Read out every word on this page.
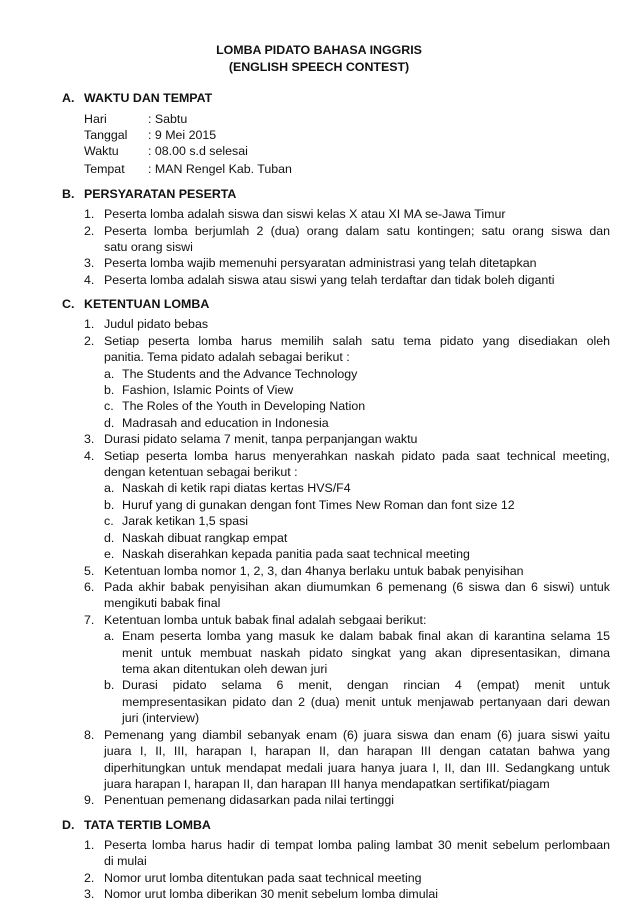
LOMBA PIDATO BAHASA INGGRIS
(ENGLISH SPEECH CONTEST)
A. WAKTU DAN TEMPAT
Hari	: Sabtu
Tanggal : 9 Mei 2015
Waktu : 08.00 s.d selesai
Tempat : MAN Rengel Kab. Tuban
B. PERSYARATAN PESERTA
1. Peserta lomba adalah siswa dan siswi kelas X atau XI MA se-Jawa Timur
2. Peserta lomba berjumlah 2 (dua) orang dalam satu kontingen; satu orang siswa dan
satu orang siswi
3. Peserta lomba wajib memenuhi persyaratan administrasi yang telah ditetapkan
4. Peserta lomba adalah siswa atau siswi yang telah terdaftar dan tidak boleh diganti
C. KETENTUAN LOMBA
1. Judul pidato bebas
2. Setiap peserta lomba harus memilih salah satu tema pidato yang disediakan oleh
panitia. Tema pidato adalah sebagai berikut :
a. The Students and the Advance Technology
b. Fashion, Islamic Points of View
c. The Roles of the Youth in Developing Nation
d. Madrasah and education in Indonesia
3. Durasi pidato selama 7 menit, tanpa perpanjangan waktu
4. Setiap peserta lomba harus menyerahkan naskah pidato pada saat technical meeting,
dengan ketentuan sebagai berikut :
a. Naskah di ketik rapi diatas kertas HVS/F4
b. Huruf yang di gunakan dengan font Times New Roman dan font size 12
c. Jarak ketikan 1,5 spasi
d. Naskah dibuat rangkap empat
e. Naskah diserahkan kepada panitia pada saat technical meeting
5. Ketentuan lomba nomor 1, 2, 3, dan 4hanya berlaku untuk babak penyisihan
6. Pada akhir babak penyisihan akan diumumkan 6 pemenang (6 siswa dan 6 siswi) untuk
mengikuti babak final
7. Ketentuan lomba untuk babak final adalah sebgaai berikut:
a. Enam peserta lomba yang masuk ke dalam babak final akan di karantina selama 15
menit untuk membuat naskah pidato singkat yang akan dipresentasikan, dimana
tema akan ditentukan oleh dewan juri
b. Durasi pidato selama 6 menit, dengan rincian 4 (empat) menit untuk
mempresentasikan pidato dan 2 (dua) menit untuk menjawab pertanyaan dari dewan
juri (interview)
8. Pemenang yang diambil sebanyak enam (6) juara siswa dan enam (6) juara siswi yaitu
juara I, II, III, harapan I, harapan II, dan harapan III dengan catatan bahwa yang
diperhitungkan untuk mendapat medali juara hanya juara I, II, dan III. Sedangkang untuk
juara harapan I, harapan II, dan harapan III hanya mendapatkan sertifikat/piagam
9. Penentuan pemenang didasarkan pada nilai tertinggi
D. TATA TERTIB LOMBA
1. Peserta lomba harus hadir di tempat lomba paling lambat 30 menit sebelum perlombaan
di mulai
2. Nomor urut lomba ditentukan pada saat technical meeting
3. Nomor urut lomba diberikan 30 menit sebelum lomba dimulai
